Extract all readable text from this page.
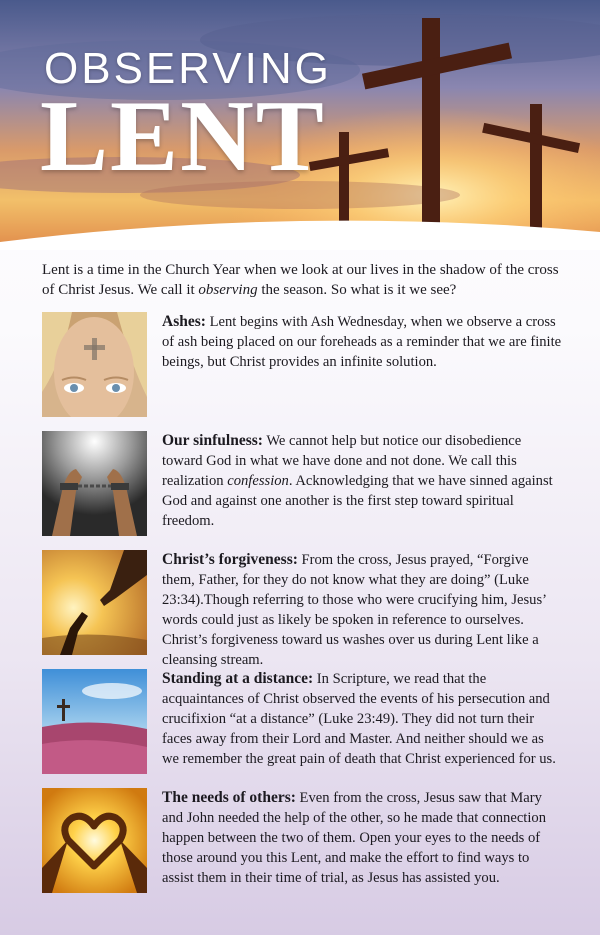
OBSERVING
LENT
Lent is a time in the Church Year when we look at our lives in the shadow of the cross of Christ Jesus. We call it observing the season. So what is it we see?
Ashes: Lent begins with Ash Wednesday, when we observe a cross of ash being placed on our foreheads as a reminder that we are finite beings, but Christ provides an infinite solution.
Our sinfulness: We cannot help but notice our disobedience toward God in what we have done and not done. We call this realization confession. Acknowledging that we have sinned against God and against one another is the first step toward spiritual freedom.
Christ’s forgiveness: From the cross, Jesus prayed, “Forgive them, Father, for they do not know what they are doing” (Luke 23:34).Though referring to those who were crucifying him, Jesus’ words could just as likely be spoken in reference to ourselves. Christ’s forgiveness toward us washes over us during Lent like a cleansing stream.
Standing at a distance: In Scripture, we read that the acquaintances of Christ observed the events of his persecution and crucifixion “at a distance” (Luke 23:49). They did not turn their faces away from their Lord and Master. And neither should we as we remember the great pain of death that Christ experienced for us.
The needs of others: Even from the cross, Jesus saw that Mary and John needed the help of the other, so he made that connection happen between the two of them. Open your eyes to the needs of those around you this Lent, and make the effort to find ways to assist them in their time of trial, as Jesus has assisted you.
